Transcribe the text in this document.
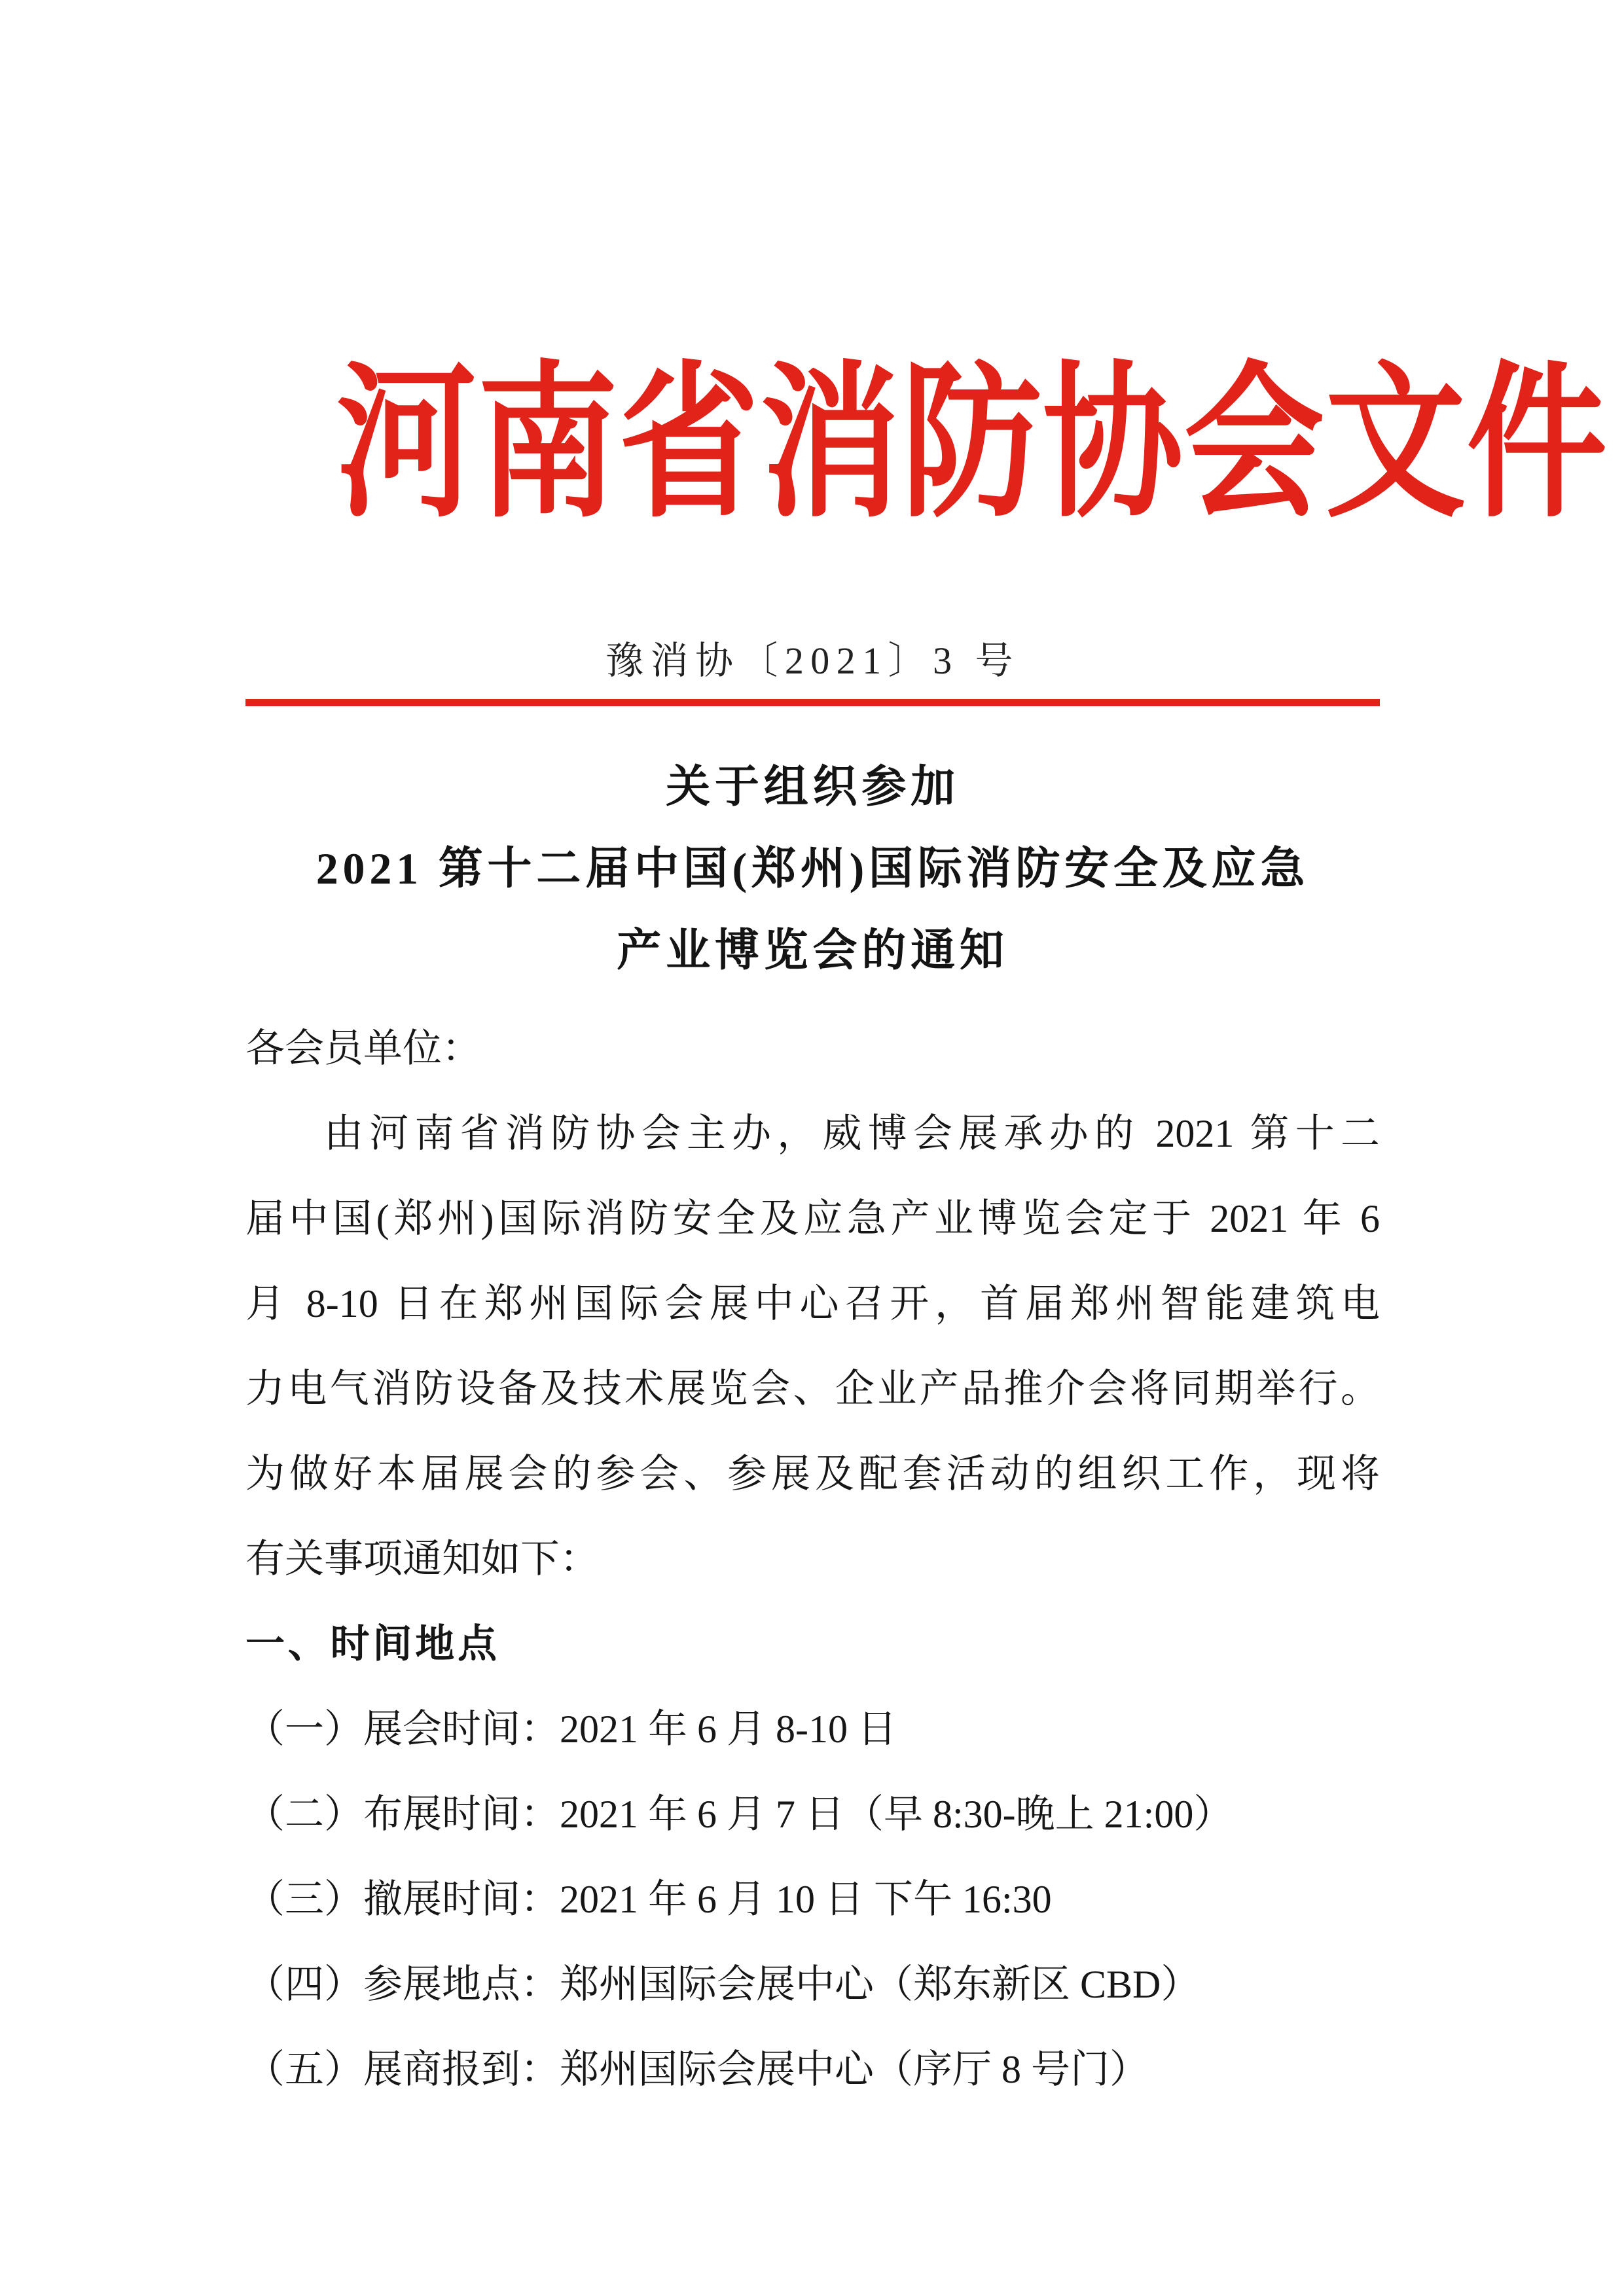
河南省消防协会文件
豫消协〔2021〕3 号
关于组织参加
2021 第十二届中国(郑州)国际消防安全及应急
产业博览会的通知
各会员单位：
由河南省消防协会主办，威博会展承办的 2021 第十二
届中国(郑州)国际消防安全及应急产业博览会定于 2021 年 6
月 8-10 日在郑州国际会展中心召开，首届郑州智能建筑电
力电气消防设备及技术展览会、企业产品推介会将同期举行。
为做好本届展会的参会、参展及配套活动的组织工作，现将
有关事项通知如下：
一、时间地点
（一）展会时间：2021 年 6 月 8-10 日
（二）布展时间：2021 年 6 月 7 日（早 8:30-晚上 21:00）
（三）撤展时间：2021 年 6 月 10 日 下午 16:30
（四）参展地点：郑州国际会展中心（郑东新区 CBD）
（五）展商报到：郑州国际会展中心（序厅 8 号门）
